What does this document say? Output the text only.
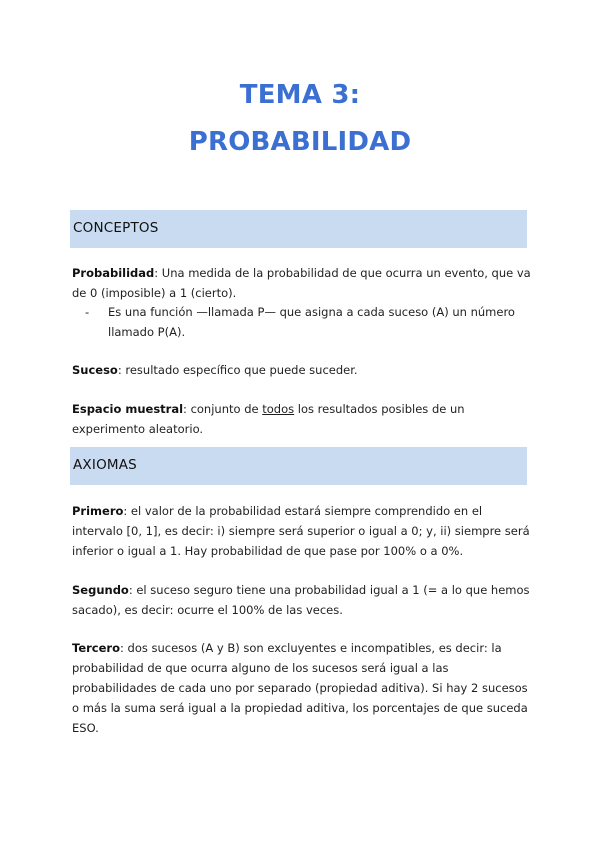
TEMA 3:
PROBABILIDAD
CONCEPTOS
Probabilidad: Una medida de la probabilidad de que ocurra un evento, que va de 0 (imposible) a 1 (cierto).
- Es una función —llamada P— que asigna a cada suceso (A) un número llamado P(A).
Suceso: resultado específico que puede suceder.
Espacio muestral: conjunto de todos los resultados posibles de un experimento aleatorio.
AXIOMAS
Primero: el valor de la probabilidad estará siempre comprendido en el intervalo [0, 1], es decir: i) siempre será superior o igual a 0; y, ii) siempre será inferior o igual a 1. Hay probabilidad de que pase por 100% o a 0%.
Segundo: el suceso seguro tiene una probabilidad igual a 1 (= a lo que hemos sacado), es decir: ocurre el 100% de las veces.
Tercero: dos sucesos (A y B) son excluyentes e incompatibles, es decir: la probabilidad de que ocurra alguno de los sucesos será igual a las probabilidades de cada uno por separado (propiedad aditiva). Si hay 2 sucesos o más la suma será igual a la propiedad aditiva, los porcentajes de que suceda ESO.
